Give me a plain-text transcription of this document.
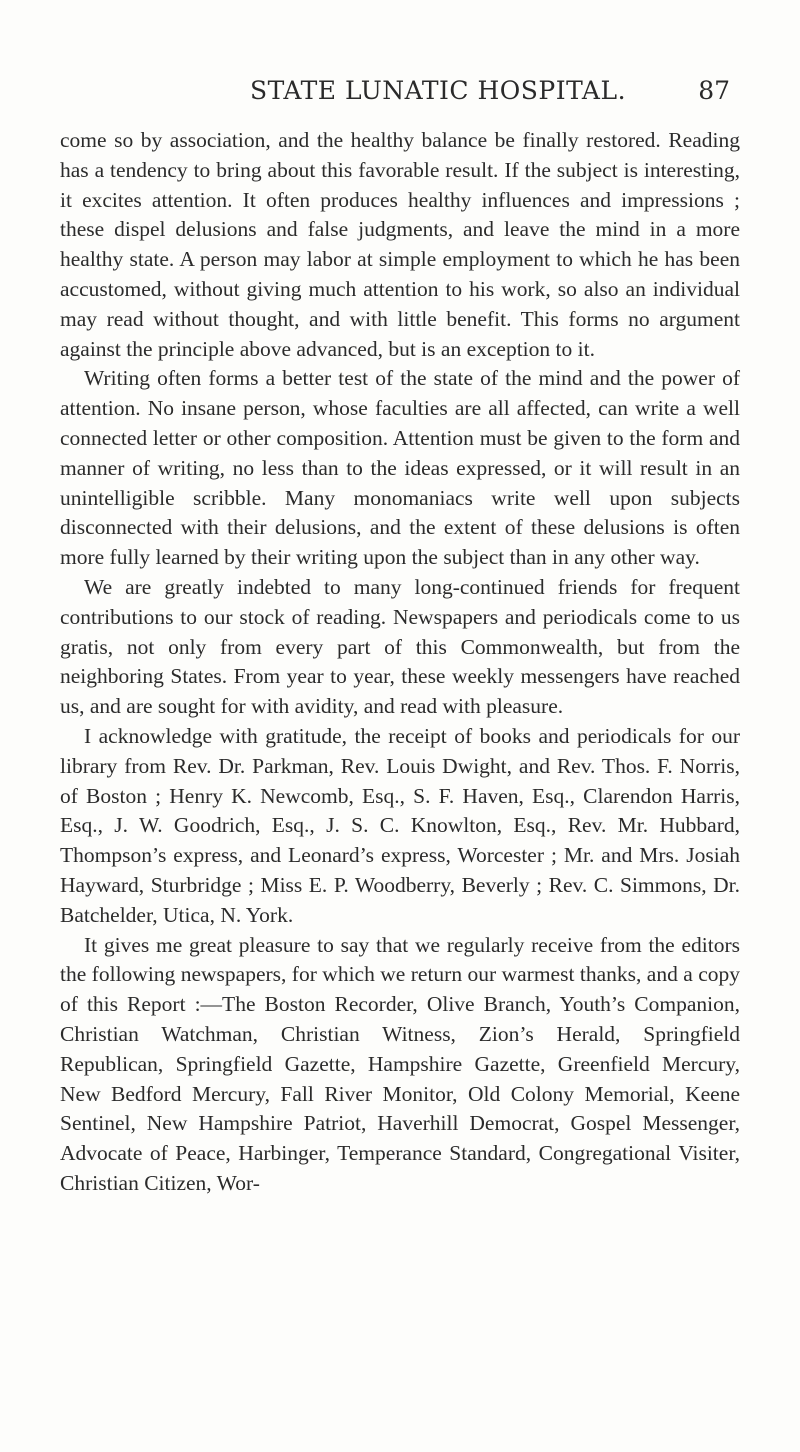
STATE LUNATIC HOSPITAL.	87

come so by association, and the healthy balance be finally restored. Reading has a tendency to bring about this favorable result. If the subject is interesting, it excites attention. It often produces healthy influences and impressions ; these dispel delusions and false judgments, and leave the mind in a more healthy state. A person may labor at simple employment to which he has been accustomed, without giving much attention to his work, so also an individual may read without thought, and with little benefit. This forms no argument against the principle above advanced, but is an exception to it.

Writing often forms a better test of the state of the mind and the power of attention. No insane person, whose faculties are all affected, can write a well connected letter or other composition. Attention must be given to the form and manner of writing, no less than to the ideas expressed, or it will result in an unintelligible scribble. Many monomaniacs write well upon subjects disconnected with their delusions, and the extent of these delusions is often more fully learned by their writing upon the subject than in any other way.

We are greatly indebted to many long-continued friends for frequent contributions to our stock of reading. Newspapers and periodicals come to us gratis, not only from every part of this Commonwealth, but from the neighboring States. From year to year, these weekly messengers have reached us, and are sought for with avidity, and read with pleasure.

I acknowledge with gratitude, the receipt of books and periodicals for our library from Rev. Dr. Parkman, Rev. Louis Dwight, and Rev. Thos. F. Norris, of Boston ; Henry K. Newcomb, Esq., S. F. Haven, Esq., Clarendon Harris, Esq., J. W. Goodrich, Esq., J. S. C. Knowlton, Esq., Rev. Mr. Hubbard, Thompson’s express, and Leonard’s express, Worcester ; Mr. and Mrs. Josiah Hayward, Sturbridge ; Miss E. P. Woodberry, Beverly ; Rev. C. Simmons, Dr. Batchelder, Utica, N. York.

It gives me great pleasure to say that we regularly receive from the editors the following newspapers, for which we return our warmest thanks, and a copy of this Report :—The Boston Recorder, Olive Branch, Youth’s Companion, Christian Watchman, Christian Witness, Zion’s Herald, Springfield Republican, Springfield Gazette, Hampshire Gazette, Greenfield Mercury, New Bedford Mercury, Fall River Monitor, Old Colony Memorial, Keene Sentinel, New Hampshire Patriot, Haverhill Democrat, Gospel Messenger, Advocate of Peace, Harbinger, Temperance Standard, Congregational Visiter, Christian Citizen, Wor-
